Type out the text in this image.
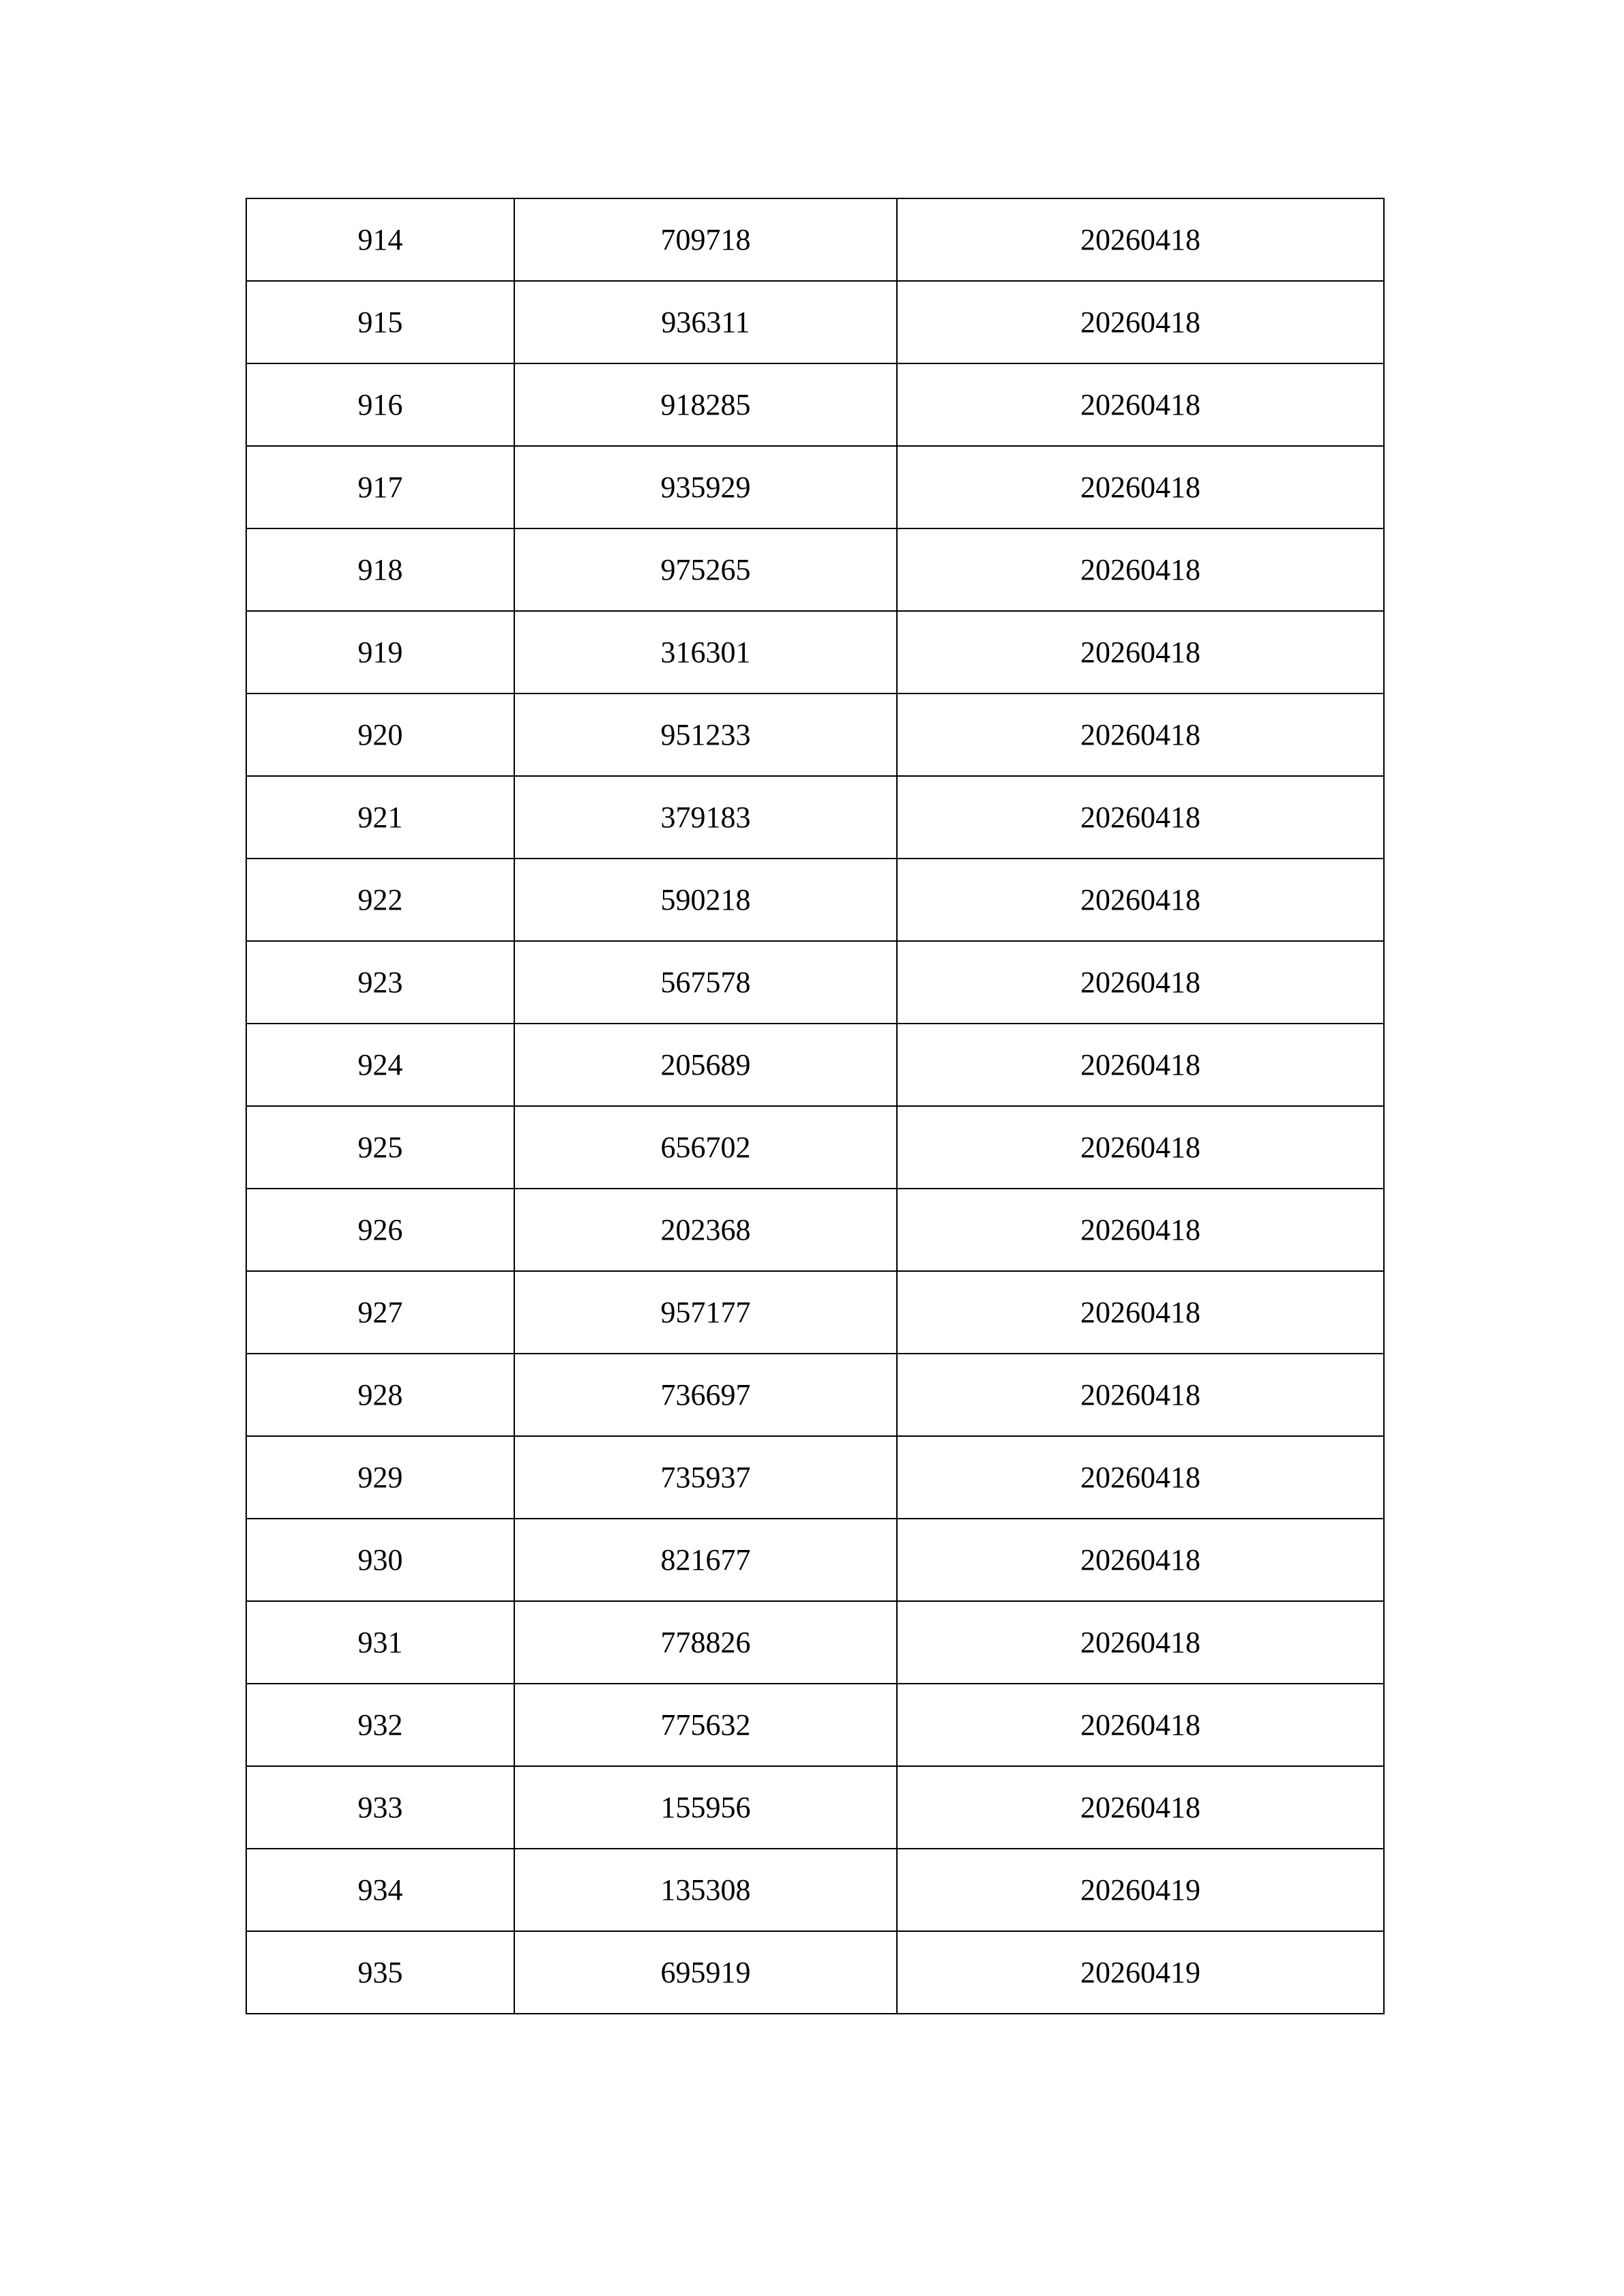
914	709718	20260418
915	936311	20260418
916	918285	20260418
917	935929	20260418
918	975265	20260418
919	316301	20260418
920	951233	20260418
921	379183	20260418
922	590218	20260418
923	567578	20260418
924	205689	20260418
925	656702	20260418
926	202368	20260418
927	957177	20260418
928	736697	20260418
929	735937	20260418
930	821677	20260418
931	778826	20260418
932	775632	20260418
933	155956	20260418
934	135308	20260419
935	695919	20260419
